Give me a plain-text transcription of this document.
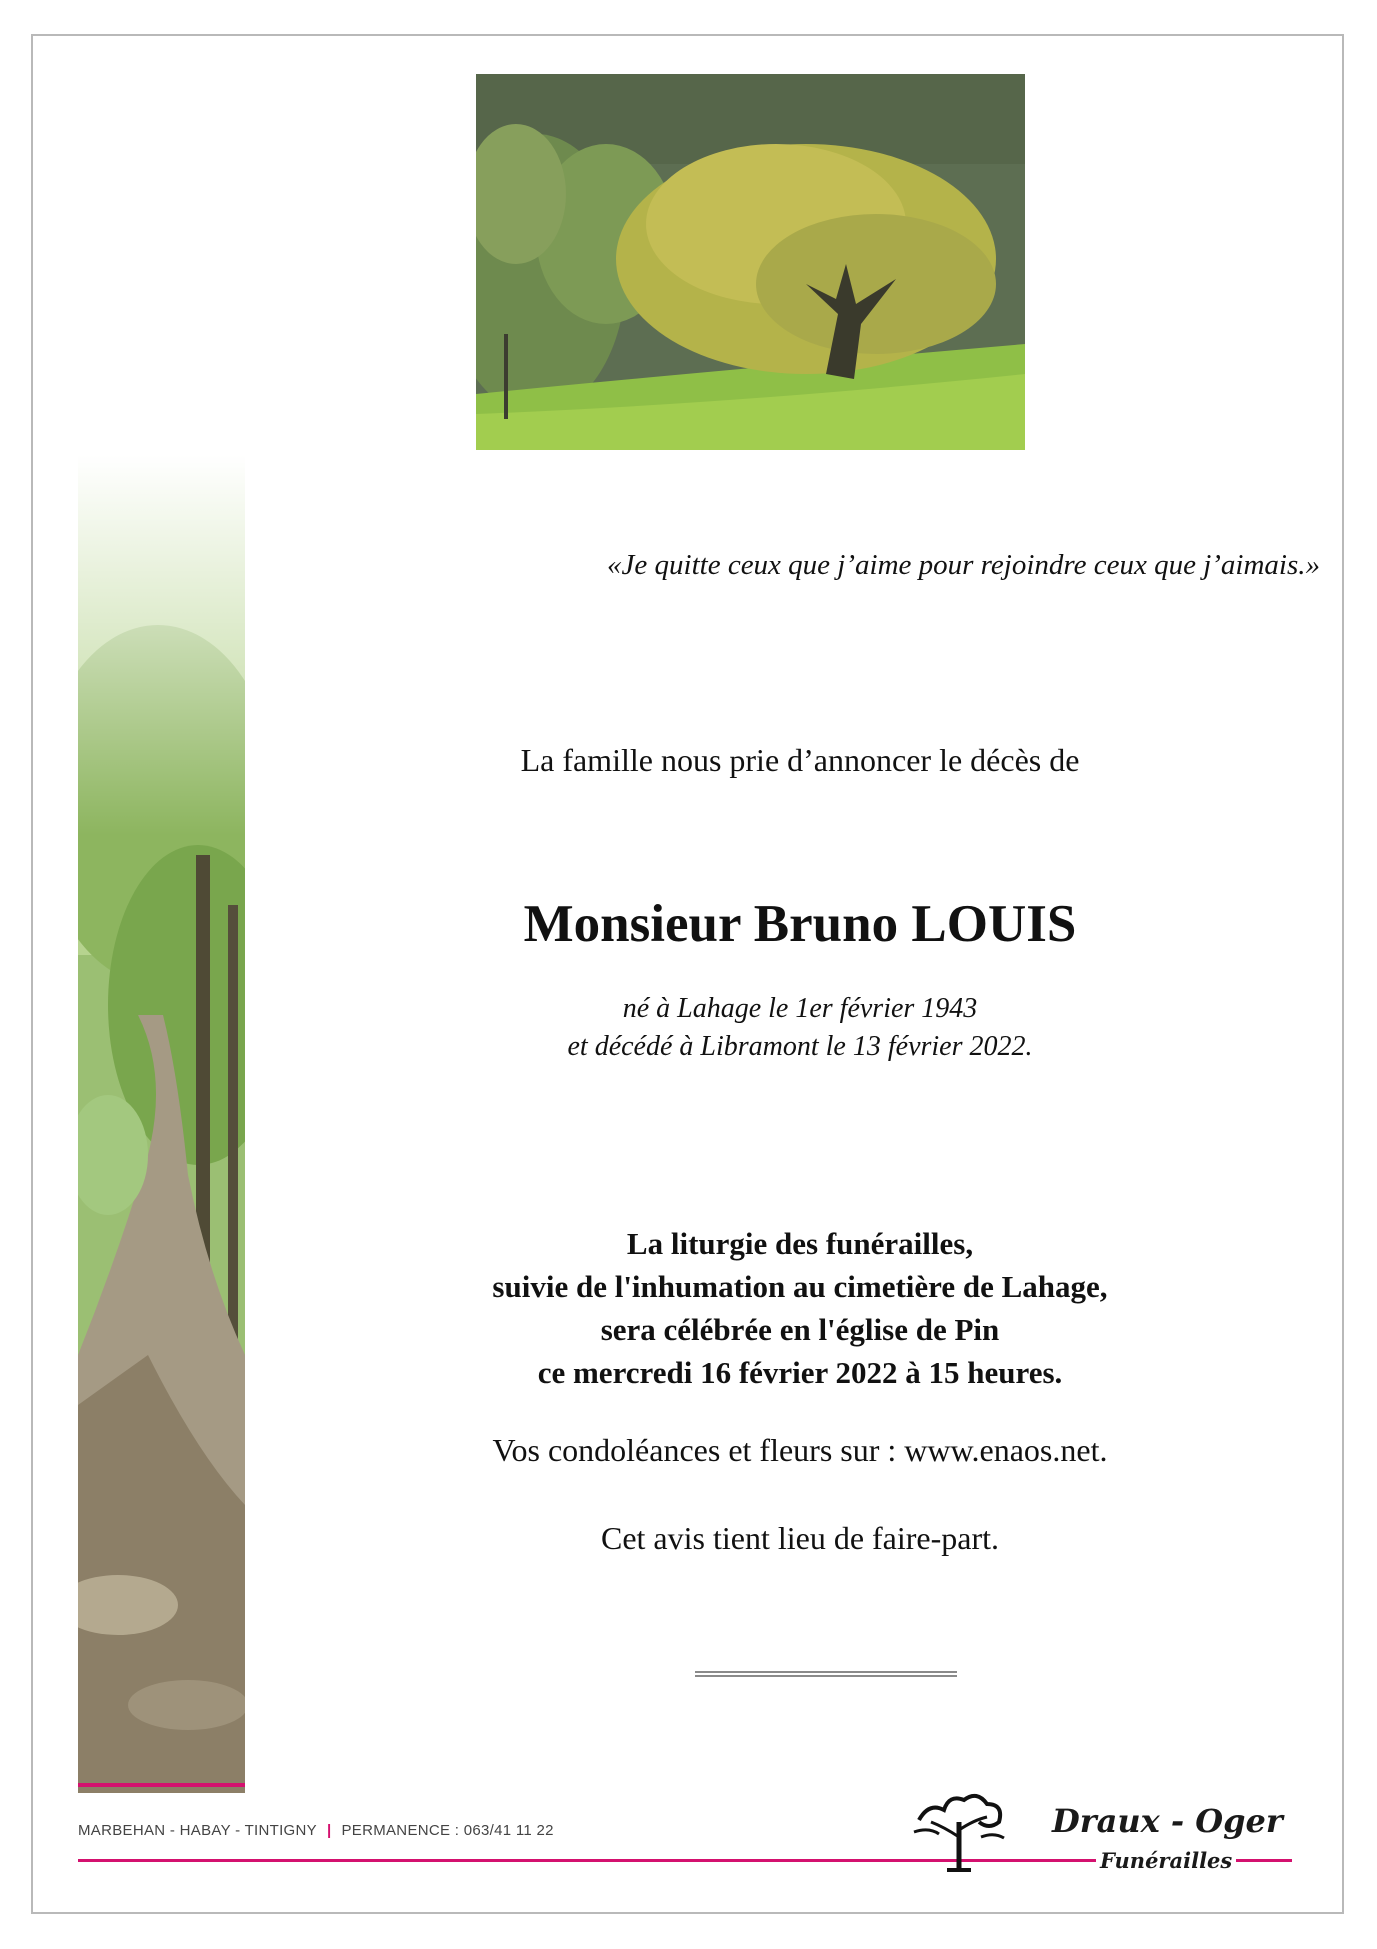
«Je quitte ceux que j’aime pour rejoindre ceux que j’aimais.»
La famille nous prie d’annoncer le décès de
Monsieur Bruno LOUIS
né à Lahage le 1er février 1943
et décédé à Libramont le 13 février 2022.
La liturgie des funérailles,
suivie de l'inhumation au cimetière de Lahage,
sera célébrée en l'église de Pin
ce mercredi 16 février 2022 à 15 heures.
Vos condoléances et fleurs sur : www.enaos.net.
Cet avis tient lieu de faire-part.
MARBEHAN - HABAY - TINTIGNY | PERMANENCE : 063/41 11 22	Draux - Oger
Funérailles
